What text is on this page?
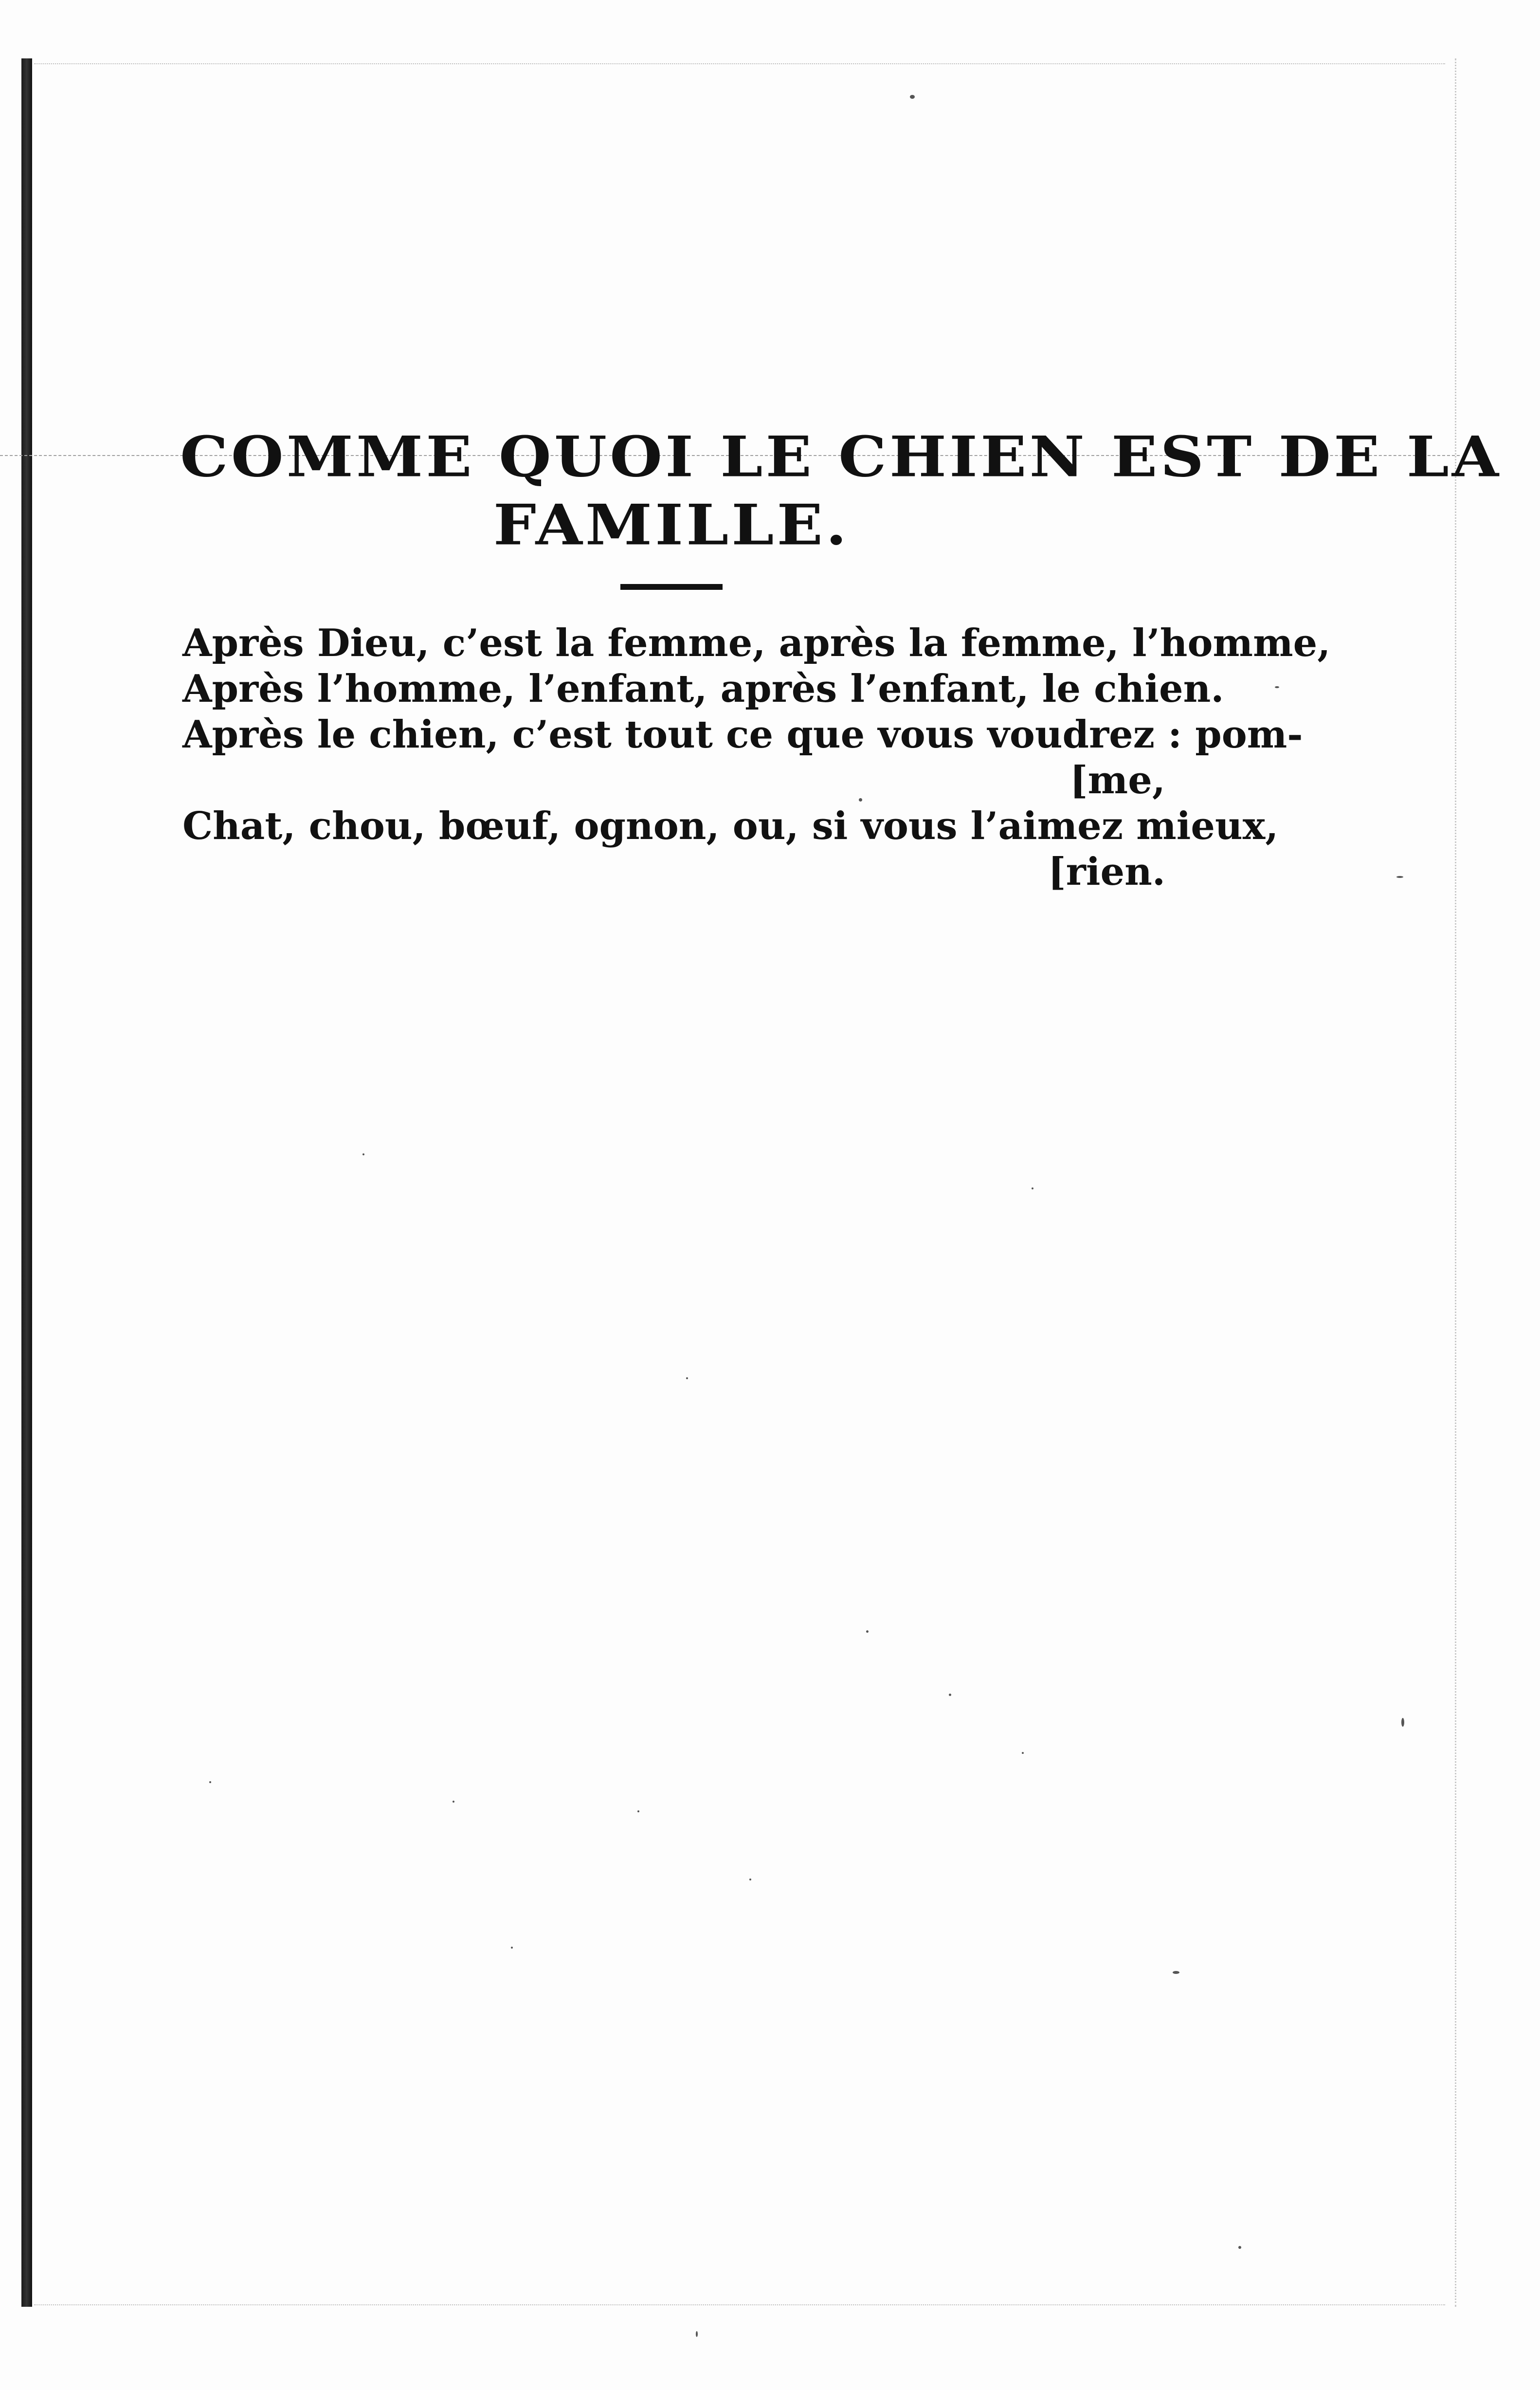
COMME QUOI LE CHIEN EST DE LA
FAMILLE.
Après Dieu, c’est la femme, après la femme, l’homme,
Après l’homme, l’enfant, après l’enfant, le chien.
Après le chien, c’est tout ce que vous voudrez : pom-
[me,
Chat, chou, bœuf, ognon, ou, si vous l’aimez mieux,
[rien.
